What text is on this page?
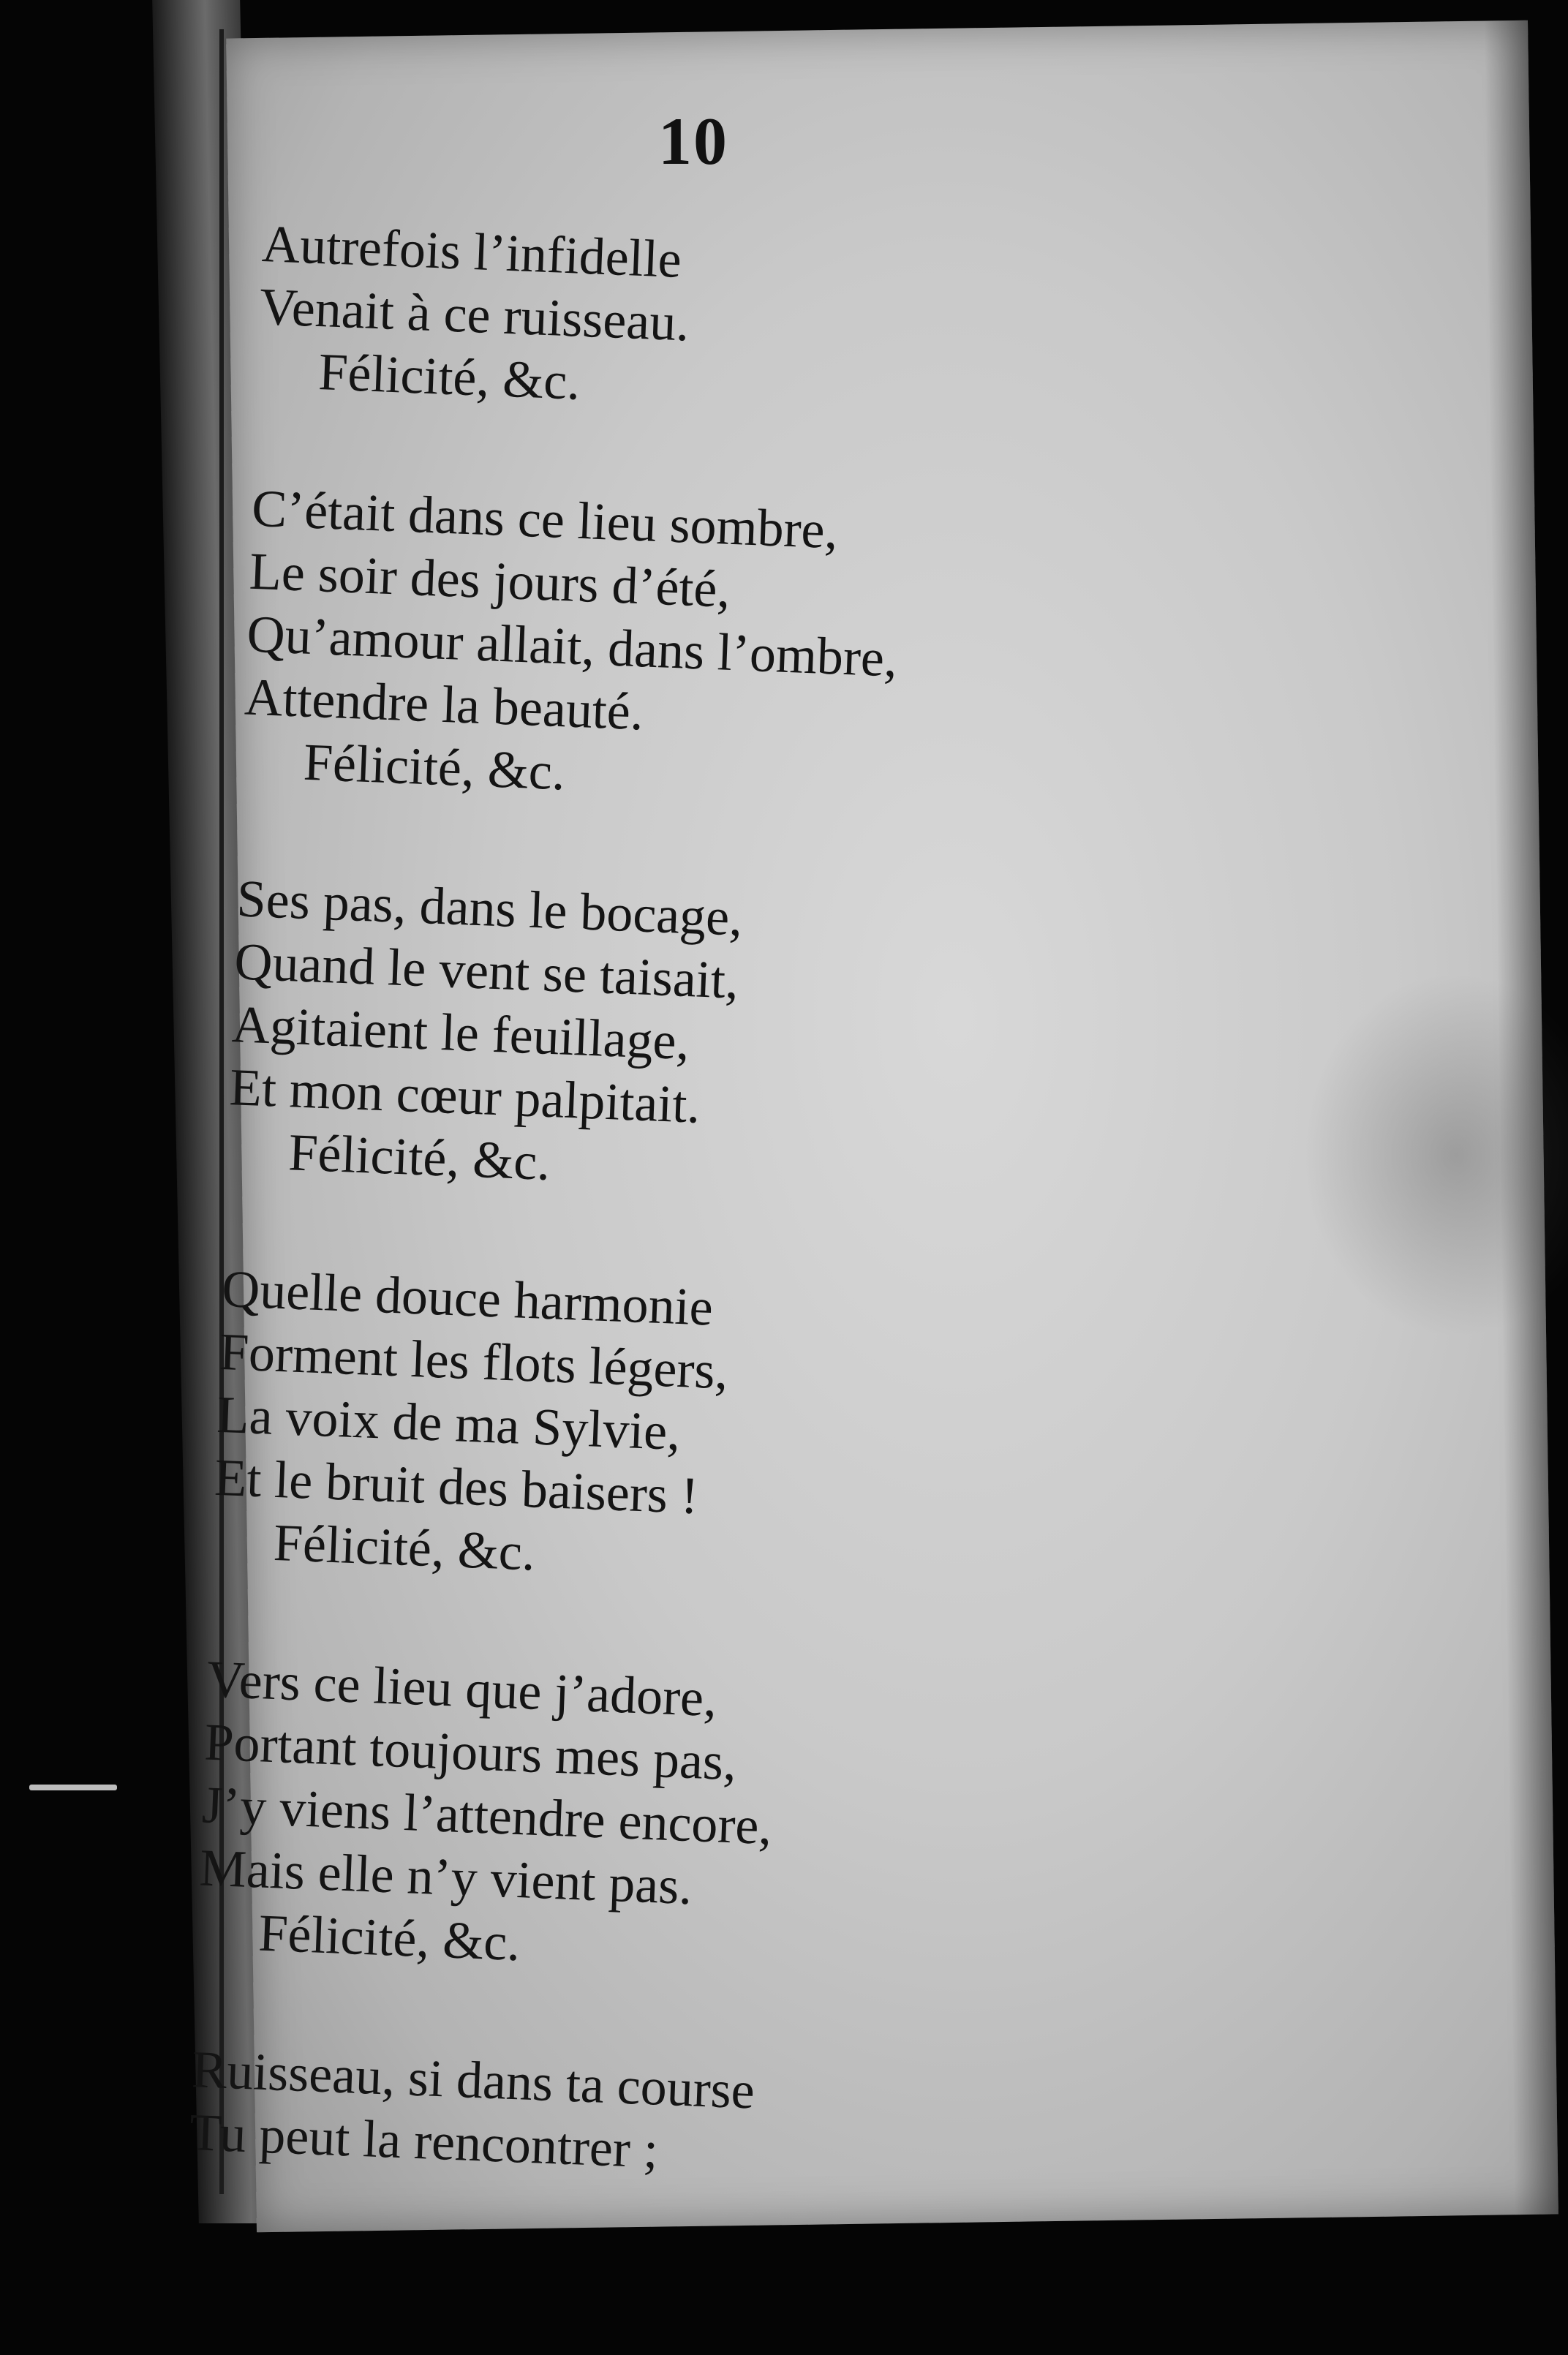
10
Autrefois l’infidelle
Venait à ce ruisseau.
Félicité, &c.
C’était dans ce lieu sombre,
Le soir des jours d’été,
Qu’amour allait, dans l’ombre,
Attendre la beauté.
Félicité, &c.
Ses pas, dans le bocage,
Quand le vent se taisait,
Agitaient le feuillage,
Et mon cœur palpitait.
Félicité, &c.
Quelle douce harmonie
Forment les flots légers,
La voix de ma Sylvie,
Et le bruit des baisers !
Félicité, &c.
Vers ce lieu que j’adore,
Portant toujours mes pas,
J’y viens l’attendre encore,
Mais elle n’y vient pas.
Félicité, &c.
Ruisseau, si dans ta course
Tu peut la rencontrer ;
